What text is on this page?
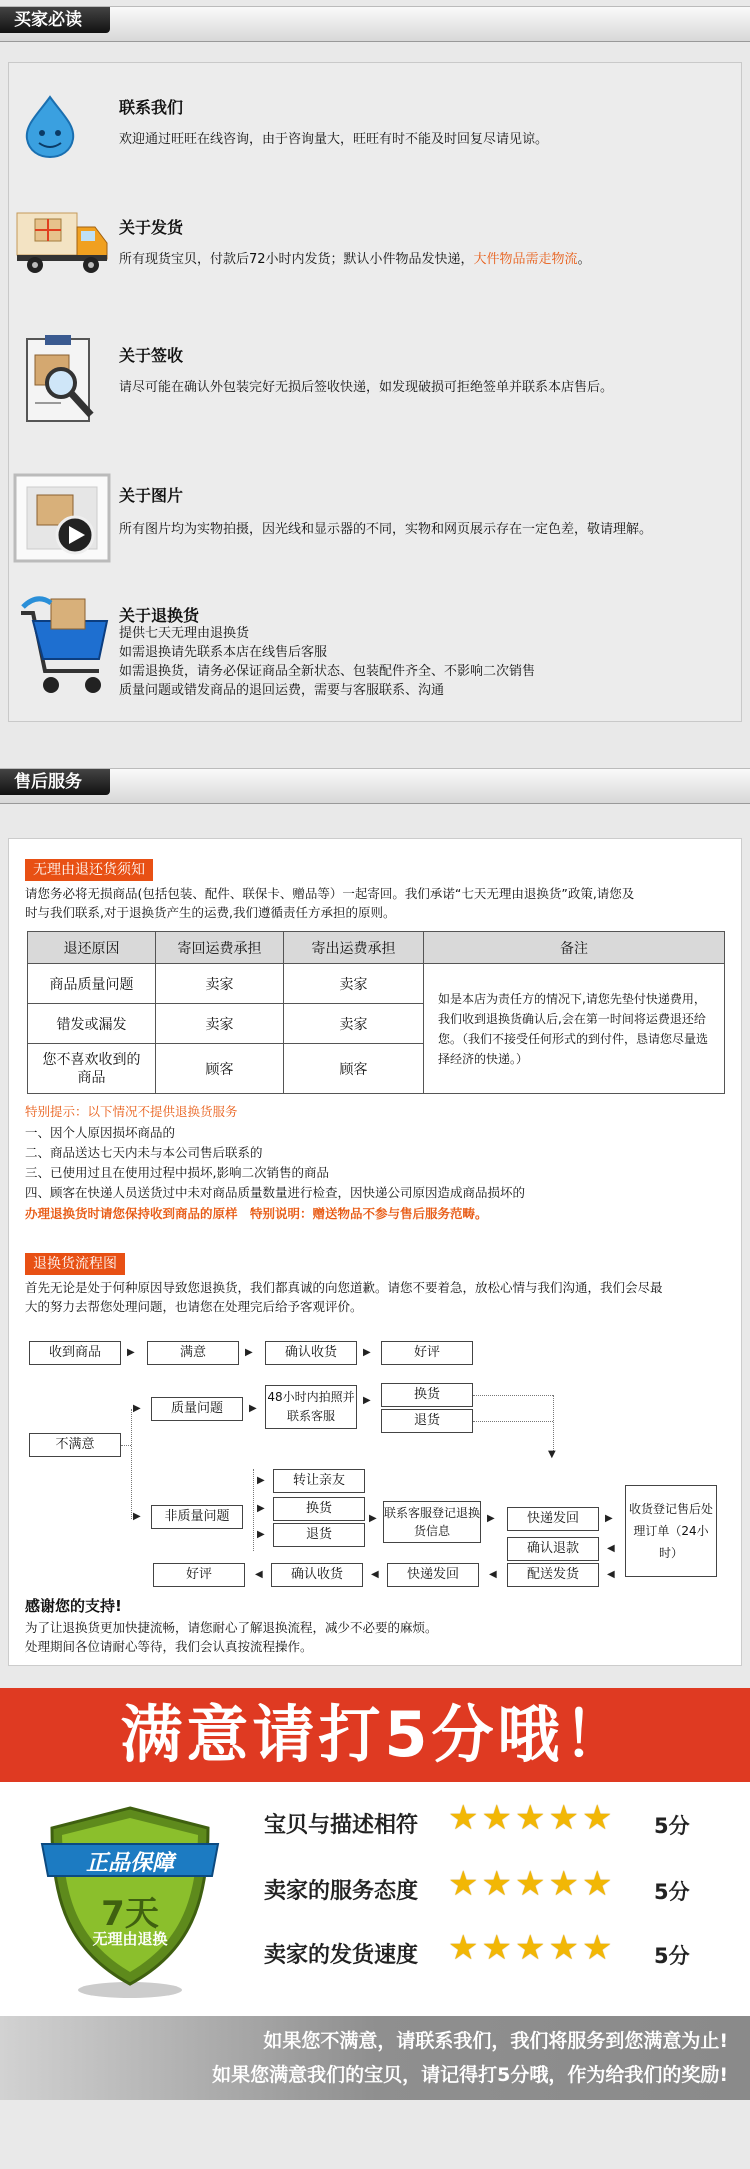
买家必读
联系我们
欢迎通过旺旺在线咨询，由于咨询量大，旺旺有时不能及时回复尽请见谅。
关于发货
所有现货宝贝，付款后72小时内发货；默认小件物品发快递，大件物品需走物流。
关于签收
请尽可能在确认外包装完好无损后签收快递，如发现破损可拒绝签单并联系本店售后。
关于图片
所有图片均为实物拍摄，因光线和显示器的不同，实物和网页展示存在一定色差，敬请理解。
关于退换货
提供七天无理由退换货
如需退换请先联系本店在线售后客服
如需退换货，请务必保证商品全新状态、包装配件齐全、不影响二次销售
质量问题或错发商品的退回运费，需要与客服联系、沟通
售后服务
无理由退还货须知
请您务必将无损商品(包括包装、配件、联保卡、赠品等）一起寄回。我们承诺“七天无理由退换货”政策,请您及
时与我们联系,对于退换货产生的运费,我们遵循责任方承担的原则。
退还原因	寄回运费承担	寄出运费承担	备注
商品质量问题	卖家	卖家	如是本店为责任方的情况下,请您先垫付快递费用，我们收到退换货确认后,会在第一时间将运费退还给您。（我们不接受任何形式的到付件，恳请您尽量选择经济的快递。）
错发或漏发	卖家	卖家	
您不喜欢收到的商品	顾客	顾客	
特别提示：以下情况不提供退换货服务
一、因个人原因损坏商品的
二、商品送达七天内未与本公司售后联系的
三、已使用过且在使用过程中损坏,影响二次销售的商品
四、顾客在快递人员送货过中未对商品质量数量进行检查，因快递公司原因造成商品损坏的
办理退换货时请您保持收到商品的原样　特别说明：赠送物品不参与售后服务范畴。
退换货流程图
首先无论是处于何种原因导致您退换货，我们都真诚的向您道歉。请您不要着急，放松心情与我们沟通，我们会尽最
大的努力去帮您处理问题，也请您在处理完后给予客观评价。
收到商品	▶	满意	▶	确认收货	▶	好评
不满意
▶	质量问题	▶
48小时内拍照并联系客服
▶	换货
退货
▼
▶	非质量问题
▶	转让亲友
▶	换货
▶	退货
▶ 联系客服登记退换货信息
▶	快递发回	▶
收货登记售后处理订单（24小时）
◀
确认退款
◀
配送发货
◀
快递发回
◀
确认收货
◀
好评
感谢您的支持!
为了让退换货更加快捷流畅，请您耐心了解退换流程，减少不必要的麻烦。
处理期间各位请耐心等待，我们会认真按流程操作。
满意请打5分哦！
正品保障
7天
无理由退换
宝贝与描述相符 ★★★★★ 5分
卖家的服务态度 ★★★★★ 5分
卖家的发货速度 ★★★★★ 5分
如果您不满意，请联系我们，我们将服务到您满意为止!
如果您满意我们的宝贝，请记得打5分哦，作为给我们的奖励!
